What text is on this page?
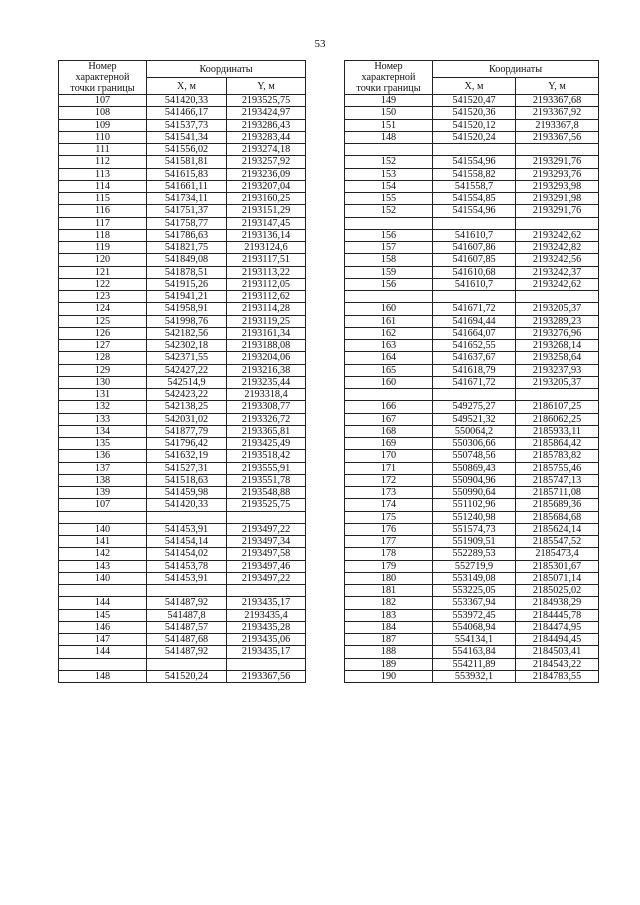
53
Номер
характерной
точки границы	Координаты	
	X, м	Y, м
107	541420,33	2193525,75
108	541466,17	2193424,97
109	541537,73	2193286,43
110	541541,34	2193283,44
111	541556,02	2193274,18
112	541581,81	2193257,92
113	541615,83	2193236,09
114	541661,11	2193207,04
115	541734,11	2193160,25
116	541751,37	2193151,29
117	541758,77	2193147,45
118	541786,63	2193136,14
119	541821,75	2193124,6
120	541849,08	2193117,51
121	541878,51	2193113,22
122	541915,26	2193112,05
123	541941,21	2193112,62
124	541958,91	2193114,28
125	541998,76	2193119,25
126	542182,56	2193161,34
127	542302,18	2193188,08
128	542371,55	2193204,06
129	542427,22	2193216,38
130	542514,9	2193235,44
131	542423,22	2193318,4
132	542138,25	2193308,77
133	542031,02	2193326,72
134	541877,79	2193365,81
135	541796,42	2193425,49
136	541632,19	2193518,42
137	541527,31	2193555,91
138	541518,63	2193551,78
139	541459,98	2193548,88
107	541420,33	2193525,75

140	541453,91	2193497,22
141	541454,14	2193497,34
142	541454,02	2193497,58
143	541453,78	2193497,46
140	541453,91	2193497,22

144	541487,92	2193435,17
145	541487,8	2193435,4
146	541487,57	2193435,28
147	541487,68	2193435,06
144	541487,92	2193435,17

148	541520,24	2193367,56
Номер
характерной
точки границы	Координаты	
	X, м	Y, м
149	541520,47	2193367,68
150	541520,36	2193367,92
151	541520,12	2193367,8
148	541520,24	2193367,56

152	541554,96	2193291,76
153	541558,82	2193293,76
154	541558,7	2193293,98
155	541554,85	2193291,98
152	541554,96	2193291,76

156	541610,7	2193242,62
157	541607,86	2193242,82
158	541607,85	2193242,56
159	541610,68	2193242,37
156	541610,7	2193242,62

160	541671,72	2193205,37
161	541694,44	2193289,23
162	541664,07	2193276,96
163	541652,55	2193268,14
164	541637,67	2193258,64
165	541618,79	2193237,93
160	541671,72	2193205,37

166	549275,27	2186107,25
167	549521,32	2186062,25
168	550064,2	2185933,11
169	550306,66	2185864,42
170	550748,56	2185783,82
171	550869,43	2185755,46
172	550904,96	2185747,13
173	550990,64	2185711,08
174	551102,96	2185689,36
175	551240,98	2185684,68
176	551574,73	2185624,14
177	551909,51	2185547,52
178	552289,53	2185473,4
179	552719,9	2185301,67
180	553149,08	2185071,14
181	553225,05	2185025,02
182	553367,94	2184938,29
183	553972,45	2184445,78
184	554068,94	2184474,95
187	554134,1	2184494,45
188	554163,84	2184503,41
189	554211,89	2184543,22
190	553932,1	2184783,55
